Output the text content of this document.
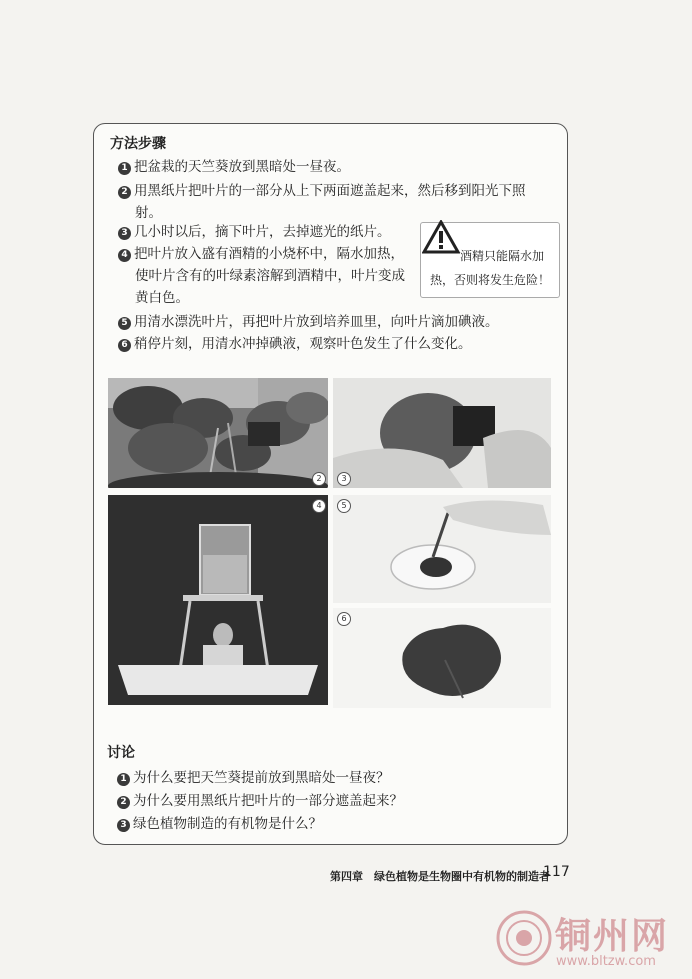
方法步骤
1 把盆栽的天竺葵放到黑暗处一昼夜。
2 用黑纸片把叶片的一部分从上下两面遮盖起来，然后移到阳光下照
射。
3 几小时以后，摘下叶片，去掉遮光的纸片。
4 把叶片放入盛有酒精的小烧杯中，隔水加热，
使叶片含有的叶绿素溶解到酒精中，叶片变成
黄白色。
5 用清水漂洗叶片，再把叶片放到培养皿里，向叶片滴加碘液。
6 稍停片刻，用清水冲掉碘液，观察叶色发生了什么变化。
酒精只能隔水加
热，否则将发生危险！
2	3
4	5
6
讨论
1 为什么要把天竺葵提前放到黑暗处一昼夜？
2 为什么要用黑纸片把叶片的一部分遮盖起来？
3 绿色植物制造的有机物是什么？
第四章　绿色植物是生物圈中有机物的制造者
117
铜州网
www.bltzw.com
